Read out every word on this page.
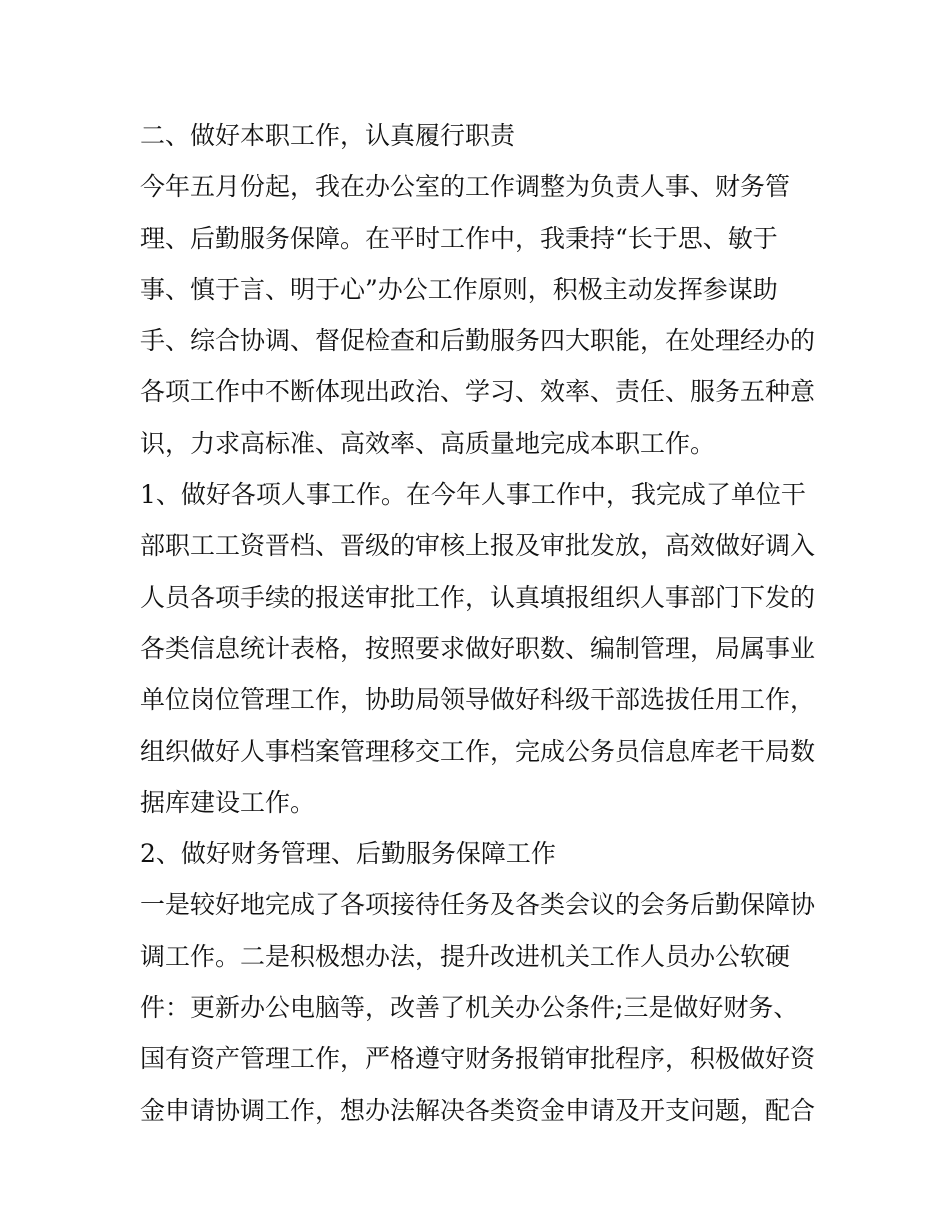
二、做好本职工作，认真履行职责

今年五月份起，我在办公室的工作调整为负责人事、财务管

理、后勤服务保障。在平时工作中，我秉持“长于思、敏于

事、慎于言、明于心”办公工作原则，积极主动发挥参谋助

手、综合协调、督促检查和后勤服务四大职能，在处理经办的

各项工作中不断体现出政治、学习、效率、责任、服务五种意

识，力求高标准、高效率、高质量地完成本职工作。

1、做好各项人事工作。在今年人事工作中，我完成了单位干

部职工工资晋档、晋级的审核上报及审批发放，高效做好调入

人员各项手续的报送审批工作，认真填报组织人事部门下发的

各类信息统计表格，按照要求做好职数、编制管理，局属事业

单位岗位管理工作，协助局领导做好科级干部选拔任用工作，

组织做好人事档案管理移交工作，完成公务员信息库老干局数

据库建设工作。

2、做好财务管理、后勤服务保障工作

一是较好地完成了各项接待任务及各类会议的会务后勤保障协

调工作。二是积极想办法，提升改进机关工作人员办公软硬

件：更新办公电脑等，改善了机关办公条件;三是做好财务、

国有资产管理工作，严格遵守财务报销审批程序，积极做好资

金申请协调工作，想办法解决各类资金申请及开支问题，配合
